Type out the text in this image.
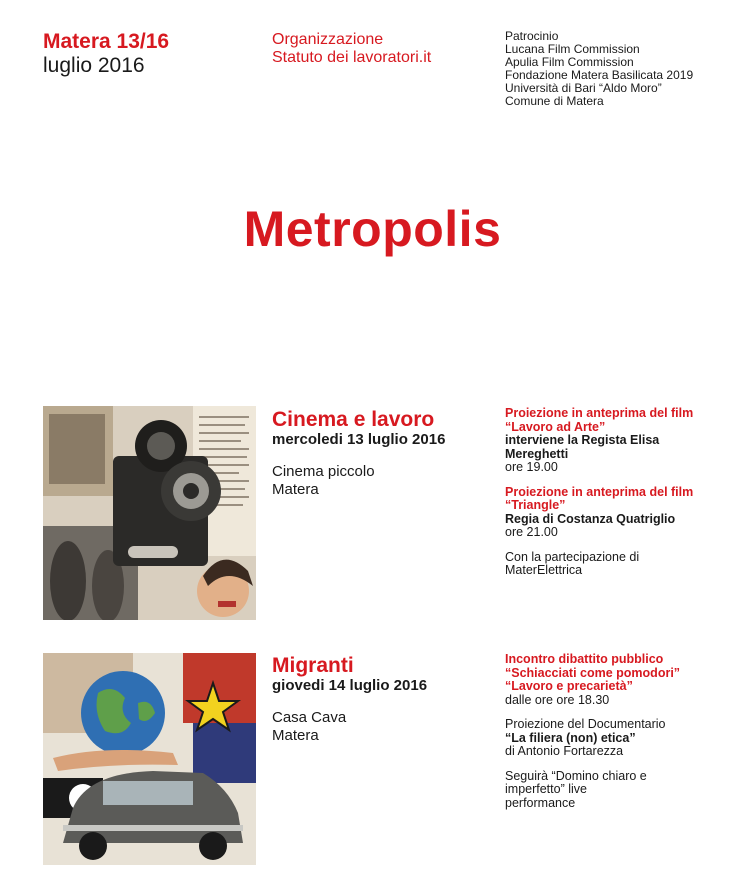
Matera 13/16
luglio 2016
Organizzazione
Statuto dei lavoratori.it
Patrocinio
Lucana Film Commission
Apulia Film Commission
Fondazione Matera Basilicata 2019
Università di Bari “Aldo Moro”
Comune di Matera
Metropolis
Cinema e lavoro
mercoledi 13 luglio 2016
Cinema piccolo
Matera
Proiezione in anteprima del film
“Lavoro ad Arte”
interviene la Regista Elisa
Mereghetti
ore 19.00
Proiezione in anteprima del film
“Triangle”
Regia di Costanza Quatriglio
ore 21.00
Con la partecipazione di
MaterElettrica
Migranti
giovedi 14 luglio 2016
Casa Cava
Matera
Incontro dibattito pubblico
“Schiacciati come pomodori”
“Lavoro e precarietà”
dalle ore ore 18.30
Proiezione del Documentario
“La filiera (non) etica”
di Antonio Fortarezza
Seguirà “Domino chiaro e
imperfetto” live
performance
